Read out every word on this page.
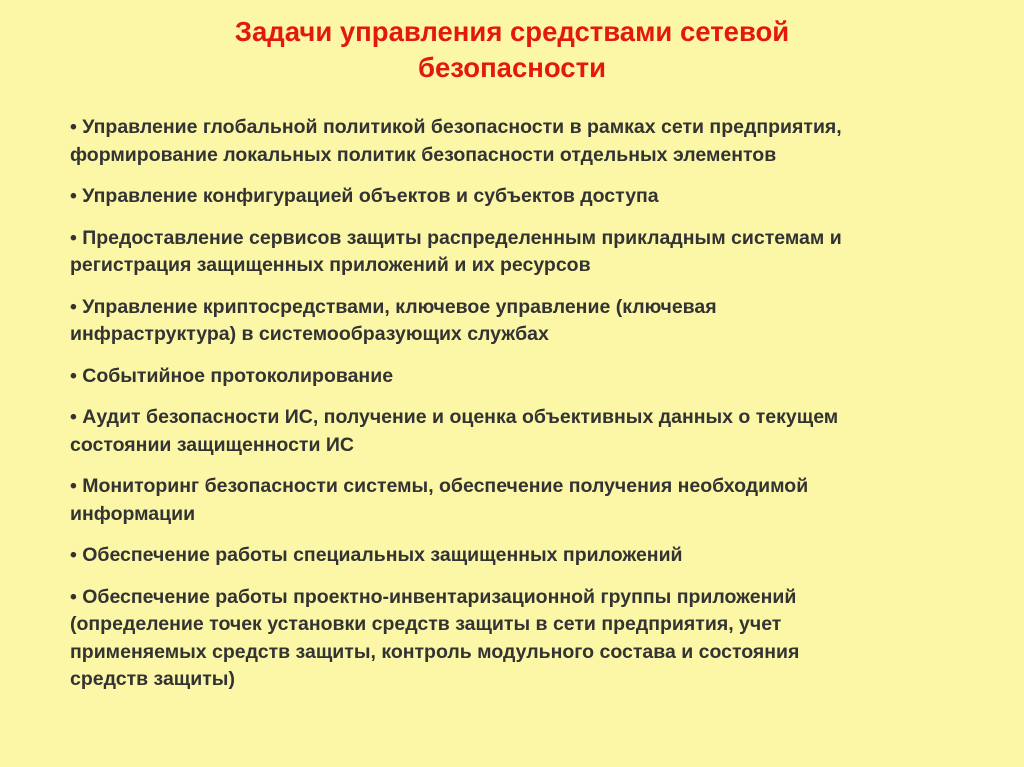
Задачи управления средствами сетевой
безопасности
• Управление глобальной политикой безопасности в рамках сети предприятия,
формирование локальных политик безопасности отдельных элементов
• Управление конфигурацией объектов и субъектов доступа
• Предоставление сервисов защиты распределенным прикладным системам и
регистрация защищенных приложений и их ресурсов
• Управление криптосредствами, ключевое управление (ключевая
инфраструктура) в системообразующих службах
• Событийное протоколирование
• Аудит безопасности ИС, получение и оценка объективных данных о текущем
состоянии защищенности ИС
• Мониторинг безопасности системы, обеспечение получения необходимой
информации
• Обеспечение работы специальных защищенных приложений
• Обеспечение работы проектно-инвентаризационной группы приложений
(определение точек установки средств защиты в сети предприятия, учет
применяемых средств защиты, контроль модульного состава и состояния
средств защиты)
